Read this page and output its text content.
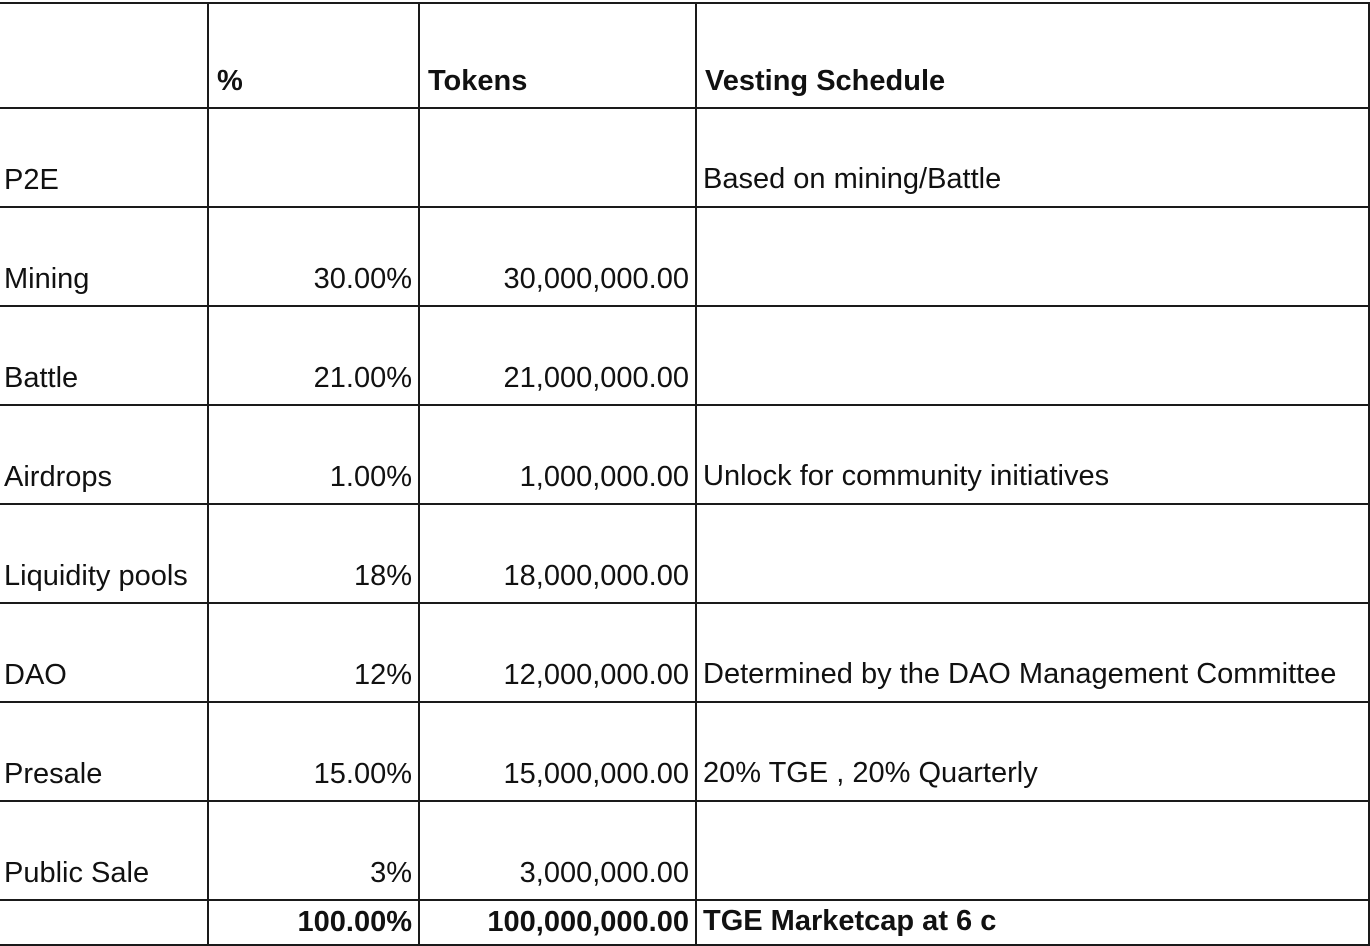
	%	Tokens	Vesting Schedule
P2E			Based on mining/Battle
Mining	30.00%	30,000,000.00	
Battle	21.00%	21,000,000.00	
Airdrops	1.00%	1,000,000.00	Unlock for community initiatives
Liquidity pools	18%	18,000,000.00	
DAO	12%	12,000,000.00	Determined by the DAO Management Committee
Presale	15.00%	15,000,000.00	20% TGE , 20% Quarterly
Public Sale	3%	3,000,000.00	
	100.00%	100,000,000.00	TGE Marketcap at 6 c
